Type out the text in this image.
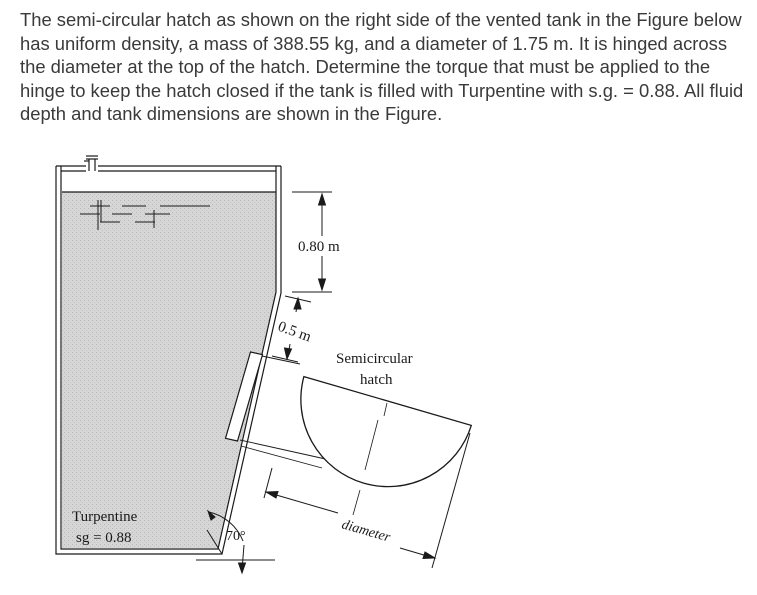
The semi-circular hatch as shown on the right side of the vented tank in the Figure below has uniform density, a mass of 388.55 kg, and a diameter of 1.75 m. It is hinged across the diameter at the top of the hatch. Determine the torque that must be applied to the hinge to keep the hatch closed if the tank is filled with Turpentine with s.g. = 0.88. All fluid depth and tank dimensions are shown in the Figure.
0.80 m
0.5 m
diameter
Semicircular
hatch
70°
Turpentine
sg = 0.88
